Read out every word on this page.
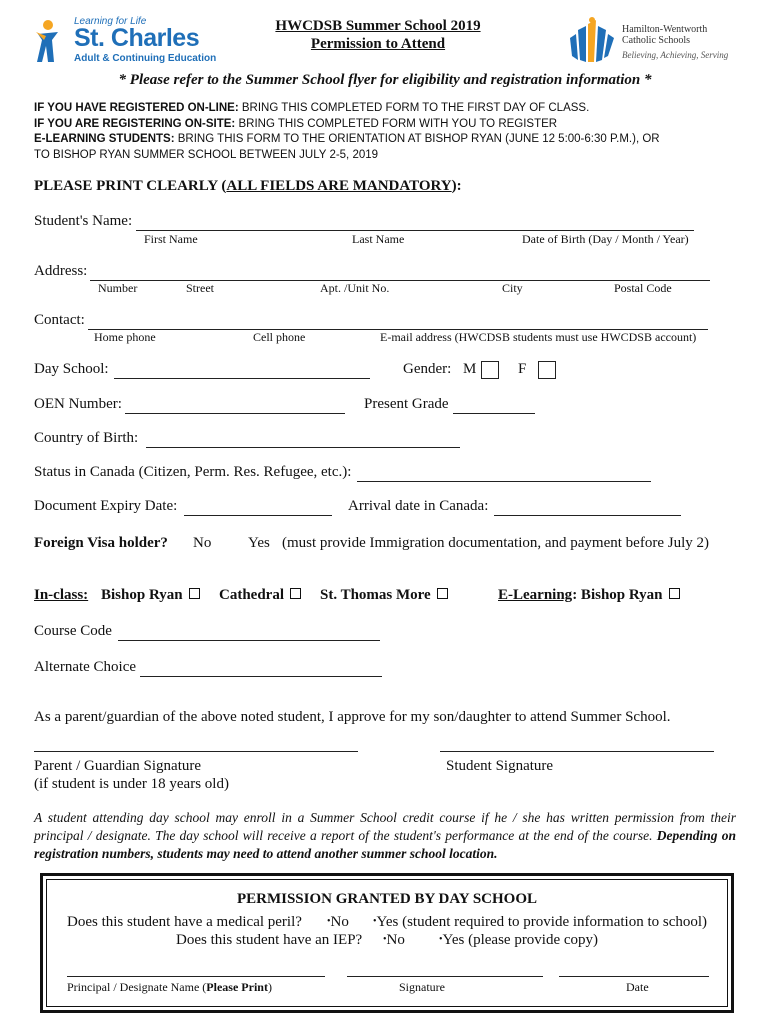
Learning for Life
St. Charles
Adult & Continuing Education
HWCDSB Summer School 2019
Permission to Attend
Hamilton-Wentworth
Catholic Schools
Believing, Achieving, Serving
* Please refer to the Summer School flyer for eligibility and registration information *
IF YOU HAVE REGISTERED ON-LINE: BRING THIS COMPLETED FORM TO THE FIRST DAY OF CLASS.
IF YOU ARE REGISTERING ON-SITE: BRING THIS COMPLETED FORM WITH YOU TO REGISTER
E-LEARNING STUDENTS: BRING THIS FORM TO THE ORIENTATION AT BISHOP RYAN (JUNE 12 5:00-6:30 P.M.), OR
TO BISHOP RYAN SUMMER SCHOOL BETWEEN JULY 2-5, 2019
PLEASE PRINT CLEARLY (ALL FIELDS ARE MANDATORY):
Student's Name:
First Name	Last Name	Date of Birth (Day / Month / Year)
Address:
Number	Street	Apt. /Unit No.	City	Postal Code
Contact:
Home phone	Cell phone	E-mail address (HWCDSB students must use HWCDSB account)
Day School:	Gender: M	F
OEN Number:	Present Grade
Country of Birth:
Status in Canada (Citizen, Perm. Res. Refugee, etc.):
Document Expiry Date:	Arrival date in Canada:
Foreign Visa holder? No Yes (must provide Immigration documentation, and payment before July 2)
In-class: Bishop Ryan	Cathedral	St. Thomas More	E-Learning: Bishop Ryan
Course Code
Alternate Choice
As a parent/guardian of the above noted student, I approve for my son/daughter to attend Summer School.
Parent / Guardian Signature
(if student is under 18 years old)
Student Signature
A student attending day school may enroll in a Summer School credit course if he / she has written permission from their principal / designate. The day school will receive a report of the student's performance at the end of the course. Depending on registration numbers, students may need to attend another summer school location.
PERMISSION GRANTED BY DAY SCHOOL
Does this student have a medical peril?	•No •Yes (student required to provide information to school)
Does this student have an IEP? •No	•Yes (please provide copy)
Principal / Designate Name (Please Print)	Signature	Date
